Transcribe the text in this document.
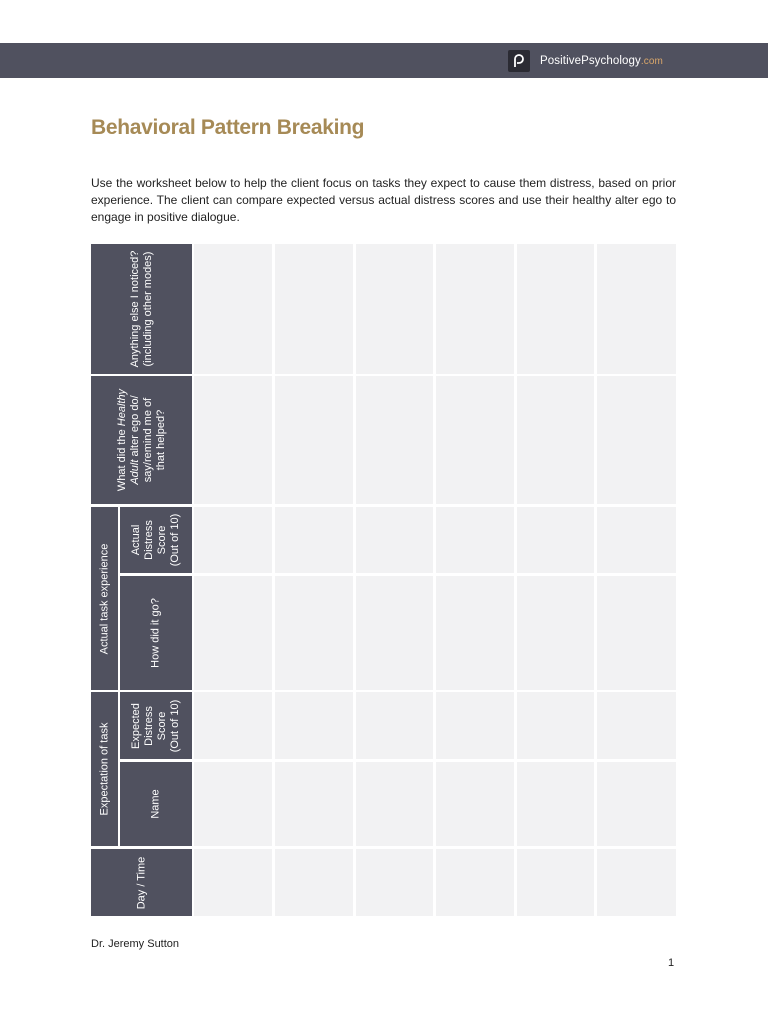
PositivePsychology.com
Behavioral Pattern Breaking

Use the worksheet below to help the client focus on tasks they expect to cause them distress, based on prior experience. The client can compare expected versus actual distress scores and use their healthy alter ego to engage in positive dialogue.

Anything else I noticed? (including other modes)
What did the Healthy
Adult alter ego do/ say/remind me of that helped?
Actual task experience
Actual Distress Score (Out of 10)
How did it go?
Expectation of task Expected Distress Score (Out of 10)
Name
Day / Time
Dr. Jeremy Sutton
1
